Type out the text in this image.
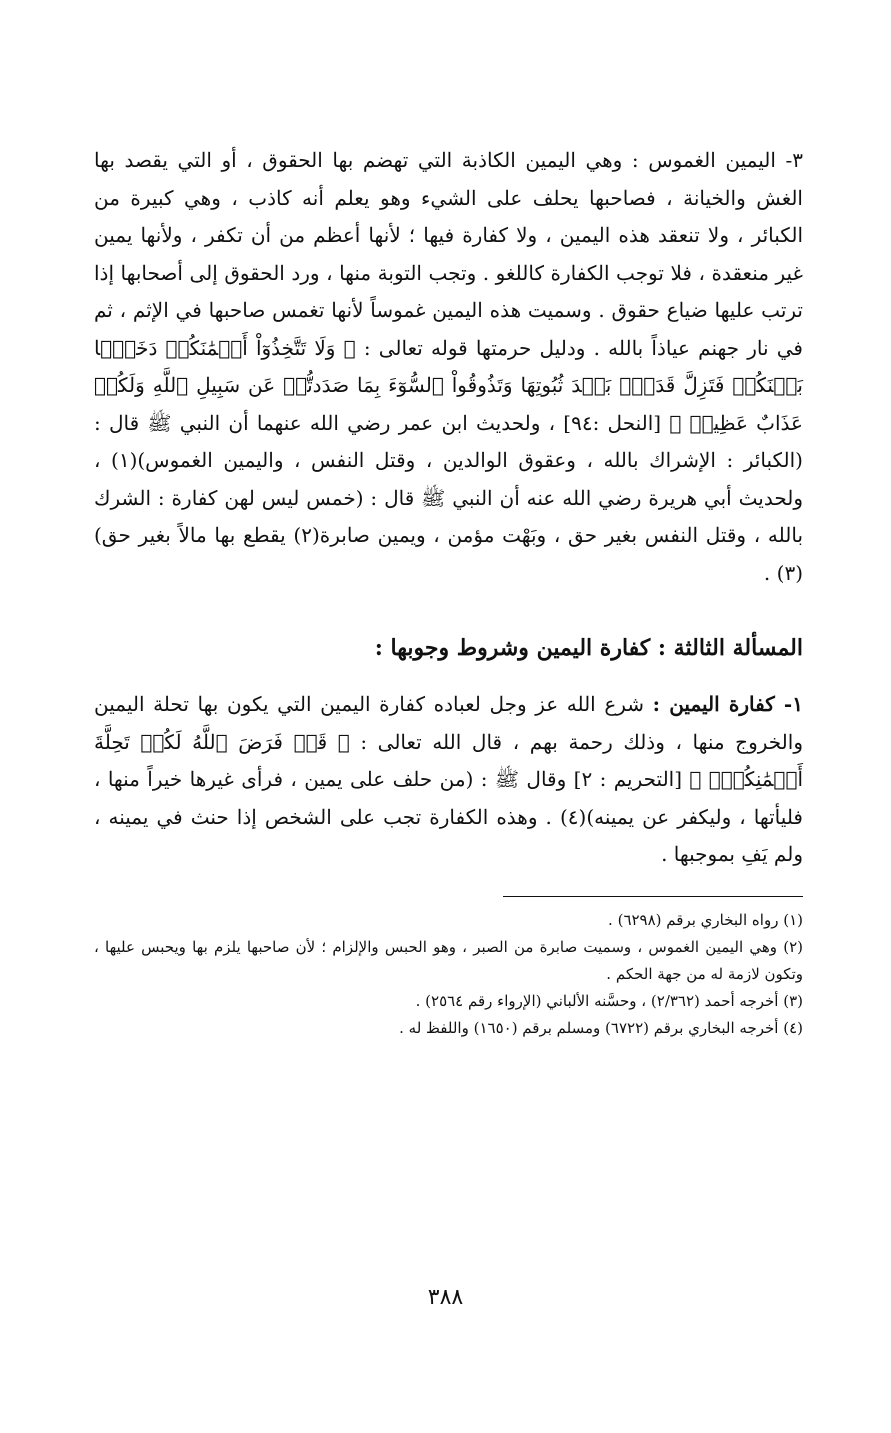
٣- اليمين الغموس : وهي اليمين الكاذبة التي تهضم بها الحقوق ، أو التي يقصد بها الغش والخيانة ، فصاحبها يحلف على الشيء وهو يعلم أنه كاذب ، وهي كبيرة من الكبائر ، ولا تنعقد هذه اليمين ، ولا كفارة فيها ؛ لأنها أعظم من أن تكفر ، ولأنها يمين غير منعقدة ، فلا توجب الكفارة كاللغو . وتجب التوبة منها ، ورد الحقوق إلى أصحابها إذا ترتب عليها ضياع حقوق . وسميت هذه اليمين غموساً لأنها تغمس صاحبها في الإثم ، ثم في نار جهنم عياذاً بالله . ودليل حرمتها قوله تعالى : ﴿ وَلَا تَتَّخِذُوٓاْ أَيۡمَٰنَكُمۡ دَخَلَۢا بَيۡنَكُمۡ فَتَزِلَّ قَدَمُۢ بَعۡدَ ثُبُوتِهَا وَتَذُوقُواْ ٱلسُّوٓءَ بِمَا صَدَدتُّمۡ عَن سَبِيلِ ٱللَّهِ وَلَكُمۡ عَذَابٌ عَظِيمٞ ﴾ [النحل :٩٤] ، ولحديث ابن عمر رضي الله عنهما أن النبي ﷺ قال : (الكبائر : الإشراك بالله ، وعقوق الوالدين ، وقتل النفس ، واليمين الغموس)(١) ، ولحديث أبي هريرة رضي الله عنه أن النبي ﷺ قال : (خمس ليس لهن كفارة : الشرك بالله ، وقتل النفس بغير حق ، وبَهْت مؤمن ، ويمين صابرة(٢) يقطع بها مالاً بغير حق)(٣) .

المسألة الثالثة : كفارة اليمين وشروط وجوبها :

١- كفارة اليمين : شرع الله عز وجل لعباده كفارة اليمين التي يكون بها تحلة اليمين والخروج منها ، وذلك رحمة بهم ، قال الله تعالى : ﴿ قَدۡ فَرَضَ ٱللَّهُ لَكُمۡ تَحِلَّةَ أَيۡمَٰنِكُمۡۚ ﴾ [التحريم : ٢] وقال ﷺ : (من حلف على يمين ، فرأى غيرها خيراً منها ، فليأتها ، وليكفر عن يمينه)(٤) . وهذه الكفارة تجب على الشخص إذا حنث في يمينه ، ولم يَفِ بموجبها .

(١) رواه البخاري برقم (٦٢٩٨) .

(٢) وهي اليمين الغموس ، وسميت صابرة من الصبر ، وهو الحبس والإلزام ؛ لأن صاحبها يلزم بها ويحبس عليها ، وتكون لازمة له من جهة الحكم .

(٣) أخرجه أحمد (٢/٣٦٢) ، وحسَّنه الألباني (الإرواء رقم ٢٥٦٤) .

(٤) أخرجه البخاري برقم (٦٧٢٢) ومسلم برقم (١٦٥٠) واللفظ له .

٣٨٨
